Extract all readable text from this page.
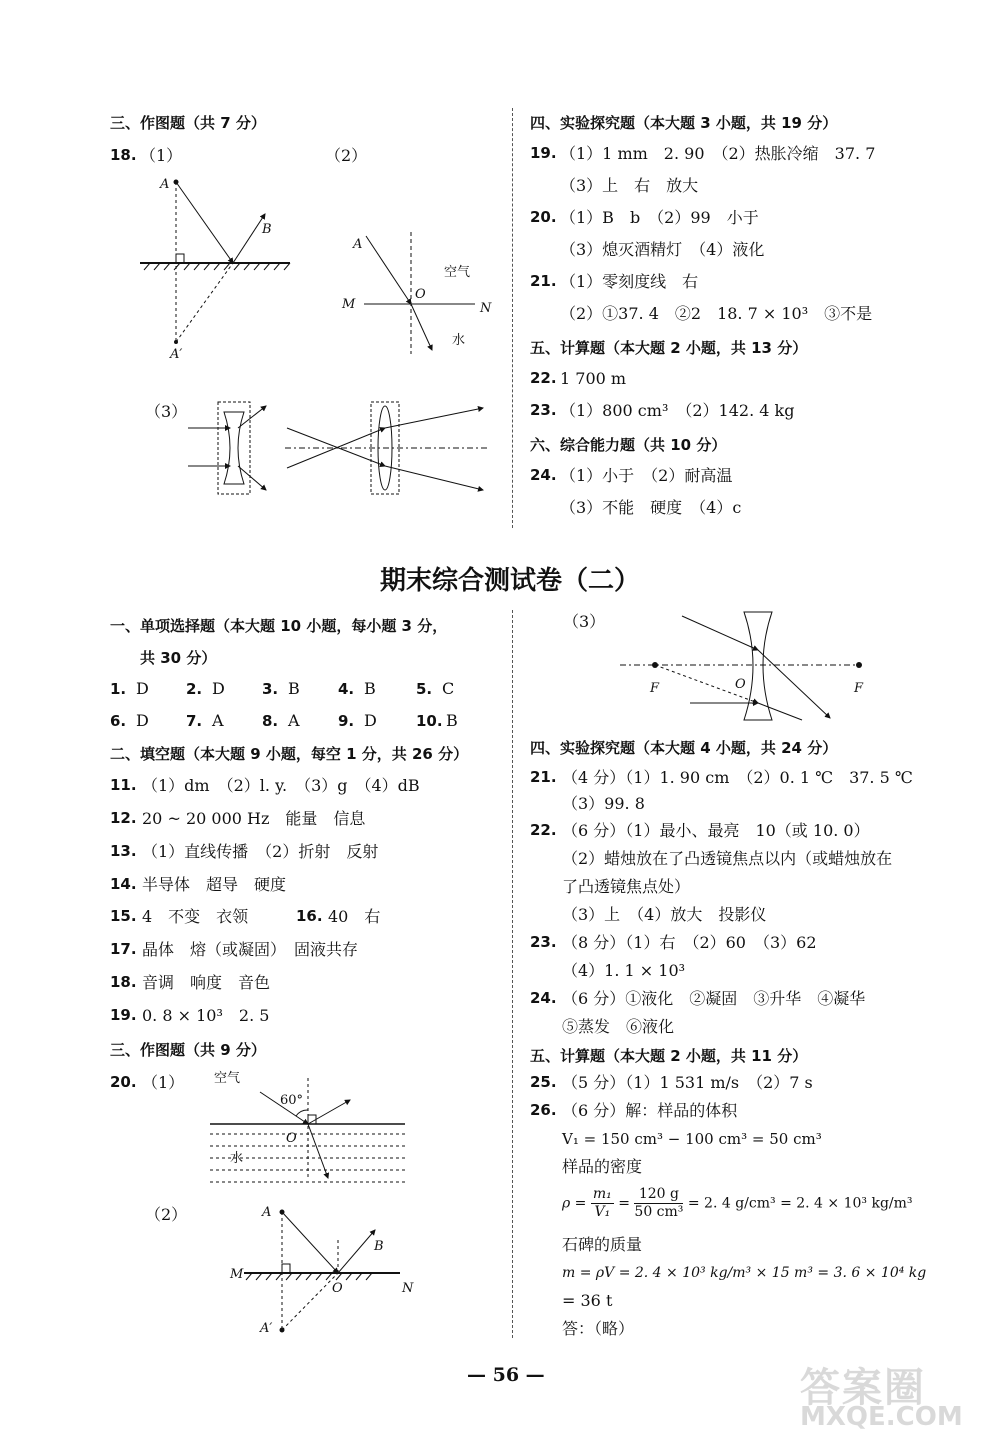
三、作图题（共 7 分）
18. （1）	（2）
（3）
A
B
A′
A
空气
M
O
N
水
四、实验探究题（本大题 3 小题，共 19 分）
19. （1）1 mm　2. 90　（2）热胀冷缩　37. 7
（3）上　右　放大
20. （1）B　b　（2）99　小于
（3）熄灭酒精灯　（4）液化
21. （1）零刻度线　右
（2）①37. 4　②2　18. 7 × 10³　③不是
五、计算题（本大题 2 小题，共 13 分）
22. 1 700 m
23. （1）800 cm³　（2）142. 4 kg
六、综合能力题（共 10 分）
24. （1）小于　（2）耐高温
（3）不能　硬度　（4）c
期末综合测试卷（二）
一、单项选择题（本大题 10 小题，每小题 3 分，
共 30 分）
1. D 2. D 3. B	4. B	5. C
6. D 7. A	8. A	9. D	10. B
二、填空题（本大题 9 小题，每空 1 分，共 26 分）
11. （1）dm　（2）l. y.　（3）g　（4）dB
12. 20 ~ 20 000 Hz　能量　信息
13. （1）直线传播　（2）折射　反射
14. 半导体　超导　硬度
15. 4　不变　衣领	16. 40　右
17. 晶体　熔（或凝固）　固液共存
18. 音调　响度　音色
19. 0. 8 × 10³　2. 5
三、作图题（共 9 分）
20. （1）
（2）
空气
60°
O
水
A
B
M
O	N
A′
（3）
F	O	F
四、实验探究题（本大题 4 小题，共 24 分）
21. （4 分）（1）1. 90 cm　（2）0. 1 ℃　37. 5 ℃
（3）99. 8
22. （6 分）（1）最小、最亮　10（或 10. 0）
（2）蜡烛放在了凸透镜焦点以内（或蜡烛放在
了凸透镜焦点处）
（3）上　（4）放大　投影仪
23. （8 分）（1）右　（2）60　（3）62
（4）1. 1 × 10³
24. （6 分）①液化　②凝固　③升华　④凝华
⑤蒸发　⑥液化
五、计算题（本大题 2 小题，共 11 分）
25. （5 分）（1）1 531 m/s　（2）7 s
26. （6 分）解：样品的体积
V₁ = 150 cm³ − 100 cm³ = 50 cm³
样品的密度
$\rho = \frac{\text{m₁}}{\text{V₁}} = \frac{120 g}{\text{50 cm³}} = 2$. 4 g/cm³ = 2. 4 × 10³ kg/m³
石碑的质量
m = ρV = 2. 4 × 10³ kg/m³ × 15 m³ = 3. 6 × 10⁴ kg
= 36 t
答：（略）
— 56 —	答案圈
MXQE.COM
